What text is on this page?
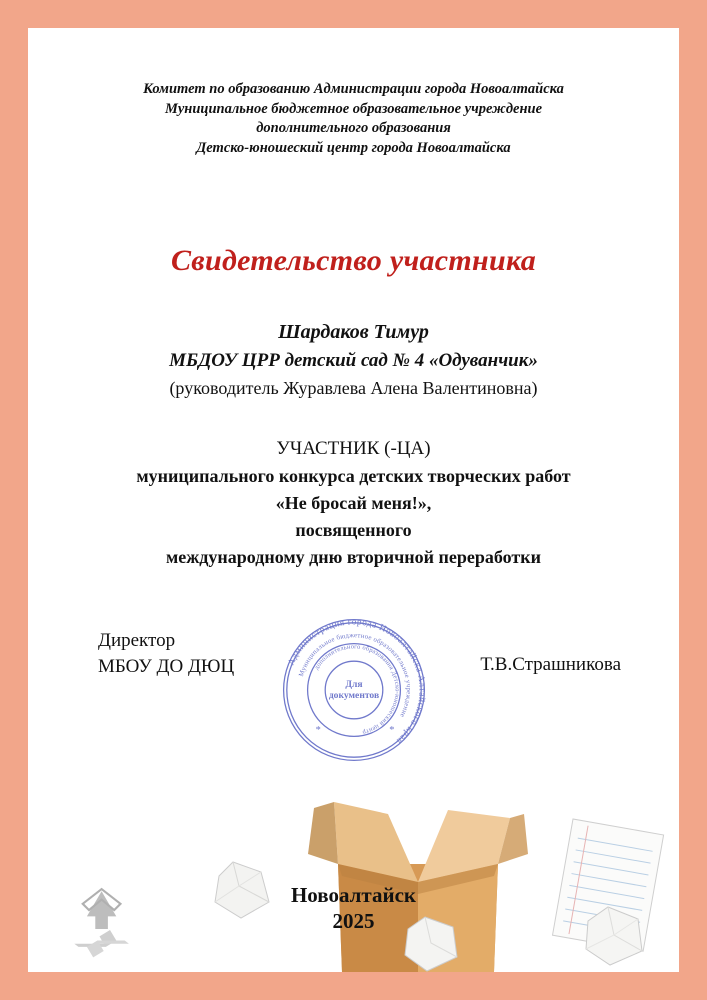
Комитет по образованию Администрации города Новоалтайска
Муниципальное бюджетное образовательное учреждение
дополнительного образования
Детско-юношеский центр города Новоалтайска
Свидетельство участника
Шардаков Тимур
МБДОУ ЦРР детский сад № 4 «Одуванчик»
(руководитель Журавлева Алена Валентиновна)
УЧАСТНИК (-ЦА)
муниципального конкурса детских творческих работ
«Не бросай меня!»,
посвященного
международному дню вторичной переработки
Директор
МБОУ ДО ДЮЦ	Т.В.Страшникова
Администрация города Новоалтайска Алтайского края
Муниципальное бюджетное образовательное учреждение
дополнительного образования Детско-юношеский центр
Для
документов
*	*
Новоалтайск
2025
